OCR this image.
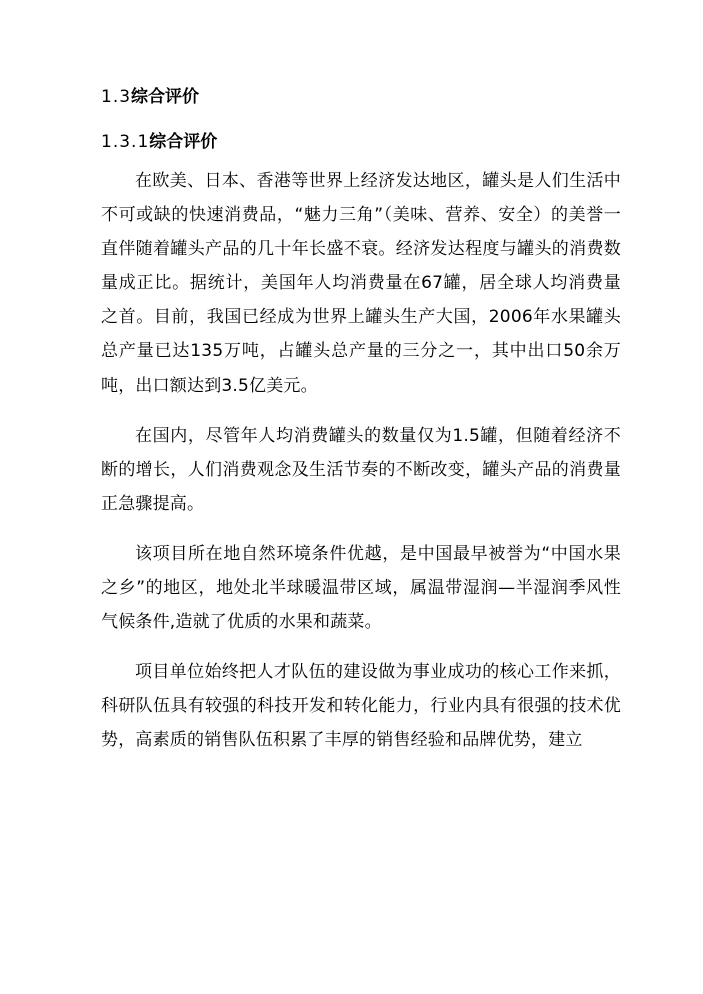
1.3综合评价
1.3.1综合评价

在欧美、日本、香港等世界上经济发达地区，罐头是人们生活中不可或缺的快速消费品，“魅力三角”（美味、营养、安全）的美誉一直伴随着罐头产品的几十年长盛不衰。经济发达程度与罐头的消费数量成正比。据统计，美国年人均消费量在67罐，居全球人均消费量之首。目前，我国已经成为世界上罐头生产大国，2006年水果罐头总产量已达135万吨，占罐头总产量的三分之一，其中出口50余万吨，出口额达到3.5亿美元。

在国内，尽管年人均消费罐头的数量仅为1.5罐，但随着经济不断的增长，人们消费观念及生活节奏的不断改变，罐头产品的消费量正急骤提高。

该项目所在地自然环境条件优越，是中国最早被誉为“中国水果之乡”的地区，地处北半球暖温带区域，属温带湿润—半湿润季风性气候条件,造就了优质的水果和蔬菜。

项目单位始终把人才队伍的建设做为事业成功的核心工作来抓，科研队伍具有较强的科技开发和转化能力，行业内具有很强的技术优势，高素质的销售队伍积累了丰厚的销售经验和品牌优势，建立
